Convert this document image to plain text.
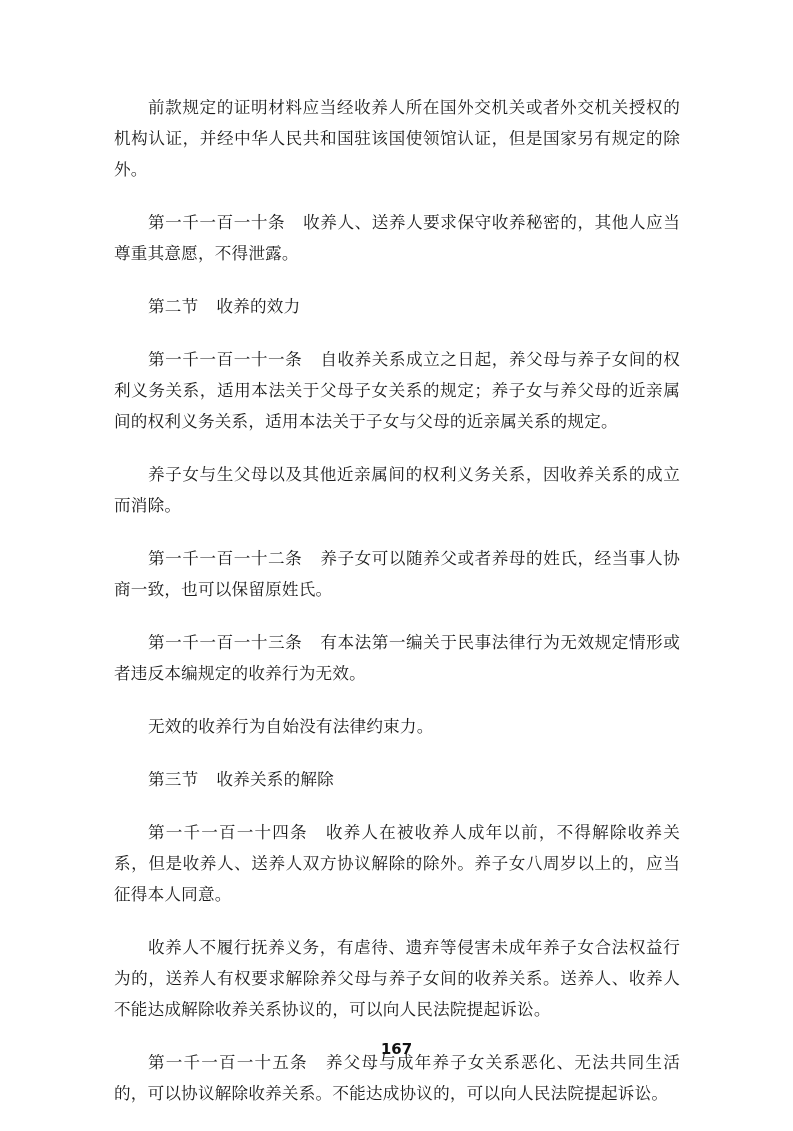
前款规定的证明材料应当经收养人所在国外交机关或者外交机关授权的机构认证，并经中华人民共和国驻该国使领馆认证，但是国家另有规定的除外。

第一千一百一十条 收养人、送养人要求保守收养秘密的，其他人应当尊重其意愿，不得泄露。

第二节 收养的效力

第一千一百一十一条 自收养关系成立之日起，养父母与养子女间的权利义务关系，适用本法关于父母子女关系的规定；养子女与养父母的近亲属间的权利义务关系，适用本法关于子女与父母的近亲属关系的规定。

养子女与生父母以及其他近亲属间的权利义务关系，因收养关系的成立而消除。

第一千一百一十二条 养子女可以随养父或者养母的姓氏，经当事人协商一致，也可以保留原姓氏。

第一千一百一十三条 有本法第一编关于民事法律行为无效规定情形或者违反本编规定的收养行为无效。

无效的收养行为自始没有法律约束力。

第三节 收养关系的解除

第一千一百一十四条 收养人在被收养人成年以前，不得解除收养关系，但是收养人、送养人双方协议解除的除外。养子女八周岁以上的，应当征得本人同意。

收养人不履行抚养义务，有虐待、遗弃等侵害未成年养子女合法权益行为的，送养人有权要求解除养父母与养子女间的收养关系。送养人、收养人不能达成解除收养关系协议的，可以向人民法院提起诉讼。

第一千一百一十五条 养父母与成年养子女关系恶化、无法共同生活的，可以协议解除收养关系。不能达成协议的，可以向人民法院提起诉讼。

167
